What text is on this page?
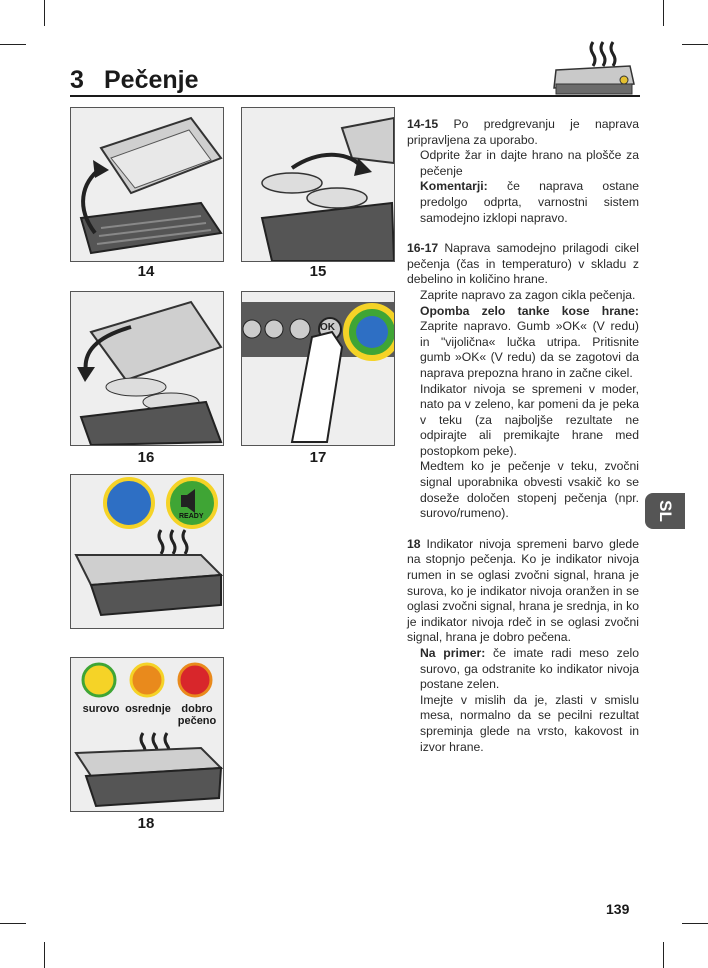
3 Pečenje
14	15
16
OK
17
READY
surovo osrednje dobro pečeno
18

14-15 Po predgrevanju je naprava pripravljena za uporabo.

Odprite žar in dajte hrano na plošče za pečenje

Komentarji: če naprava ostane predolgo odprta, varnostni sistem samodejno izklopi napravo.

16-17 Naprava samodejno prilagodi cikel pečenja (čas in temperaturo) v skladu z debelino in količino hrane.

Zaprite napravo za zagon cikla pečenja.

Opomba zelo tanke kose hrane: Zaprite napravo. Gumb »OK« (V redu) in "vijolična« lučka utripa. Pritisnite gumb »OK« (V redu) da se zagotovi da naprava prepozna hrano in začne cikel.

Indikator nivoja se spremeni v moder, nato pa v zeleno, kar pomeni da je peka v teku (za najboljše rezultate ne odpirajte ali premikajte hrane med postopkom peke).

Medtem ko je pečenje v teku, zvočni signal uporabnika obvesti vsakič ko se doseže določen stopenj pečenja (npr. surovo/rumeno).

18 Indikator nivoja spremeni barvo glede na stopnjo pečenja. Ko je indikator nivoja rumen in se oglasi zvočni signal, hrana je surova, ko je indikator nivoja oranžen in se oglasi zvočni signal, hrana je srednja, in ko je indikator nivoja rdeč in se oglasi zvočni signal, hrana je dobro pečena.

Na primer: če imate radi meso zelo surovo, ga odstranite ko indikator nivoja postane zelen.

Imejte v mislih da je, zlasti v smislu mesa, normalno da se pecilni rezultat spreminja glede na vrsto, kakovost in izvor hrane.

SL
139
